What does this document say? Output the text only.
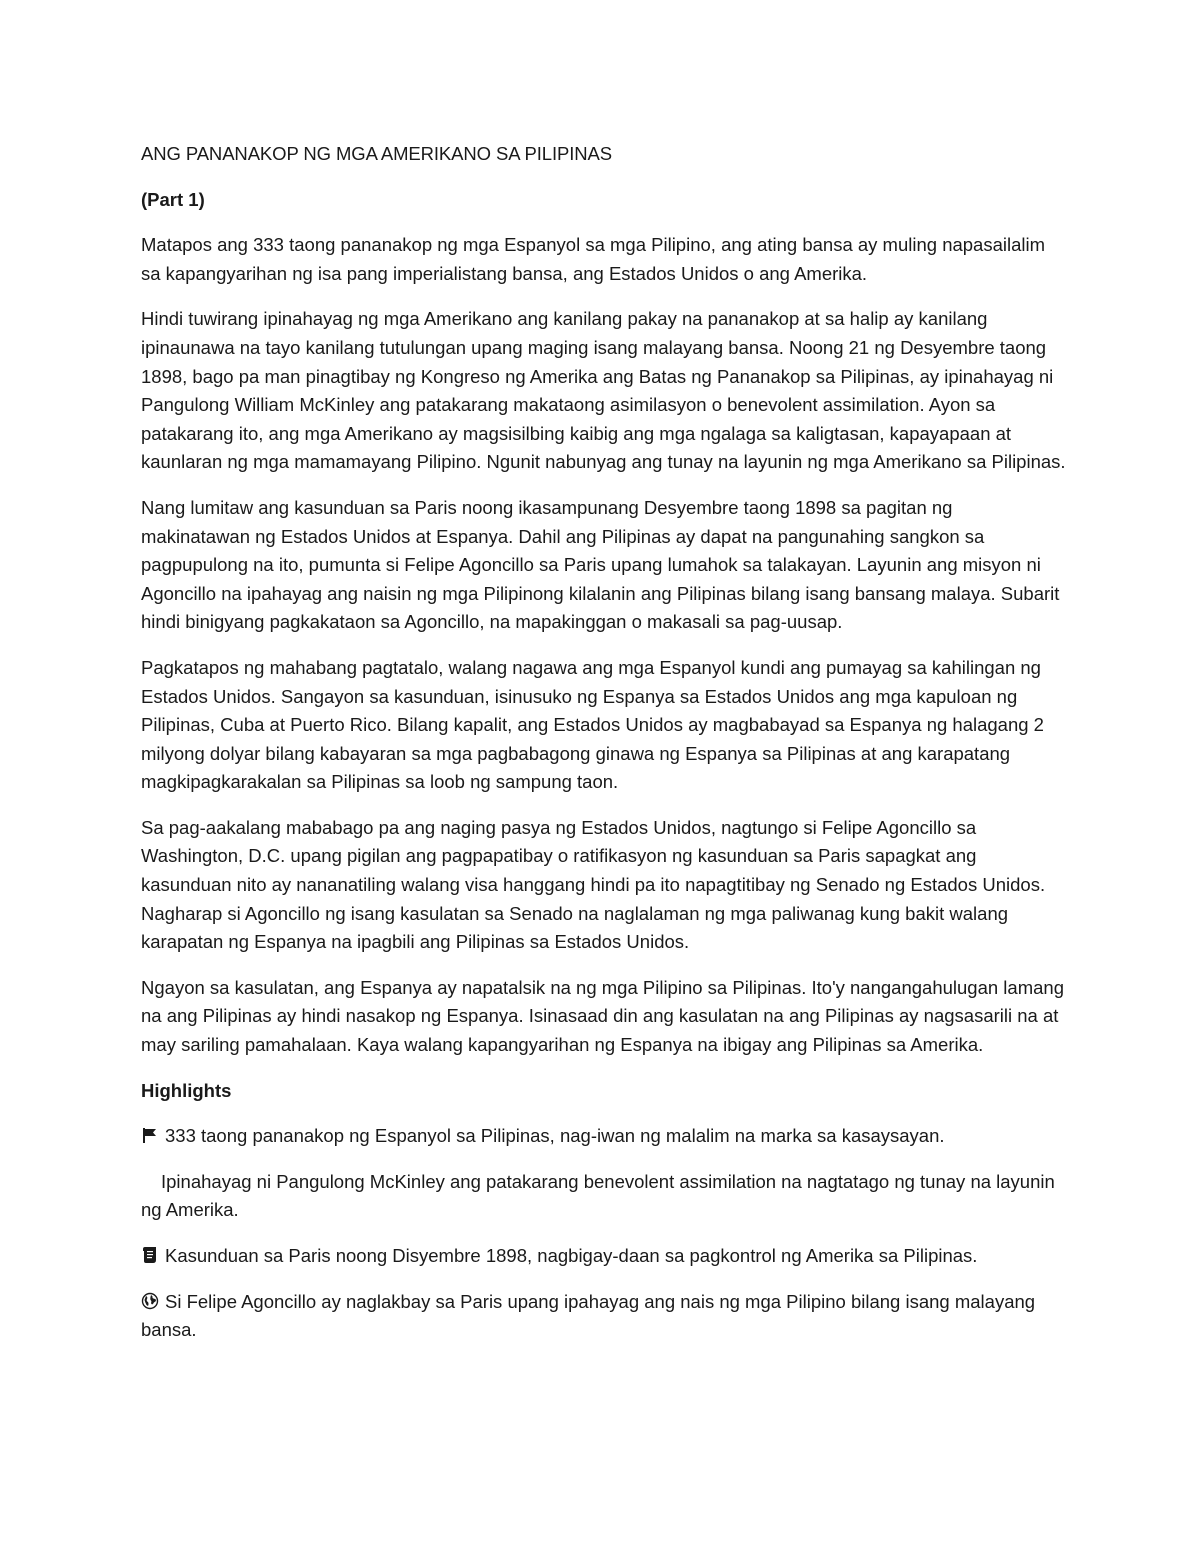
ANG PANANAKOP NG MGA AMERIKANO SA PILIPINAS

(Part 1)

Matapos ang 333 taong pananakop ng mga Espanyol sa mga Pilipino, ang ating bansa ay muling napasailalim sa kapangyarihan ng isa pang imperialistang bansa, ang Estados Unidos o ang Amerika.

Hindi tuwirang ipinahayag ng mga Amerikano ang kanilang pakay na pananakop at sa halip ay kanilang ipinaunawa na tayo kanilang tutulungan upang maging isang malayang bansa. Noong 21 ng Desyembre taong 1898, bago pa man pinagtibay ng Kongreso ng Amerika ang Batas ng Pananakop sa Pilipinas, ay ipinahayag ni Pangulong William McKinley ang patakarang makataong asimilasyon o benevolent assimilation. Ayon sa patakarang ito, ang mga Amerikano ay magsisilbing kaibig ang mga ngalaga sa kaligtasan, kapayapaan at kaunlaran ng mga mamamayang Pilipino. Ngunit nabunyag ang tunay na layunin ng mga Amerikano sa Pilipinas.

Nang lumitaw ang kasunduan sa Paris noong ikasampunang Desyembre taong 1898 sa pagitan ng makinatawan ng Estados Unidos at Espanya. Dahil ang Pilipinas ay dapat na pangunahing sangkon sa pagpupulong na ito, pumunta si Felipe Agoncillo sa Paris upang lumahok sa talakayan. Layunin ang misyon ni Agoncillo na ipahayag ang naisin ng mga Pilipinong kilalanin ang Pilipinas bilang isang bansang malaya. Subarit hindi binigyang pagkakataon sa Agoncillo, na mapakinggan o makasali sa pag-uusap.

Pagkatapos ng mahabang pagtatalo, walang nagawa ang mga Espanyol kundi ang pumayag sa kahilingan ng Estados Unidos. Sangayon sa kasunduan, isinusuko ng Espanya sa Estados Unidos ang mga kapuloan ng Pilipinas, Cuba at Puerto Rico. Bilang kapalit, ang Estados Unidos ay magbabayad sa Espanya ng halagang 2 milyong dolyar bilang kabayaran sa mga pagbabagong ginawa ng Espanya sa Pilipinas at ang karapatang magkipagkarakalan sa Pilipinas sa loob ng sampung taon.

Sa pag-aakalang mababago pa ang naging pasya ng Estados Unidos, nagtungo si Felipe Agoncillo sa Washington, D.C. upang pigilan ang pagpapatibay o ratifikasyon ng kasunduan sa Paris sapagkat ang kasunduan nito ay nananatiling walang visa hanggang hindi pa ito napagtitibay ng Senado ng Estados Unidos. Nagharap si Agoncillo ng isang kasulatan sa Senado na naglalaman ng mga paliwanag kung bakit walang karapatan ng Espanya na ipagbili ang Pilipinas sa Estados Unidos.

Ngayon sa kasulatan, ang Espanya ay napatalsik na ng mga Pilipino sa Pilipinas. Ito'y nangangahulugan lamang na ang Pilipinas ay hindi nasakop ng Espanya. Isinasaad din ang kasulatan na ang Pilipinas ay nagsasarili na at may sariling pamahalaan. Kaya walang kapangyarihan ng Espanya na ibigay ang Pilipinas sa Amerika.

Highlights

333 taong pananakop ng Espanyol sa Pilipinas, nag-iwan ng malalim na marka sa kasaysayan.

Ipinahayag ni Pangulong McKinley ang patakarang benevolent assimilation na nagtatago ng tunay na layunin ng Amerika.

Kasunduan sa Paris noong Disyembre 1898, nagbigay-daan sa pagkontrol ng Amerika sa Pilipinas.

Si Felipe Agoncillo ay naglakbay sa Paris upang ipahayag ang nais ng mga Pilipino bilang isang malayang bansa.
